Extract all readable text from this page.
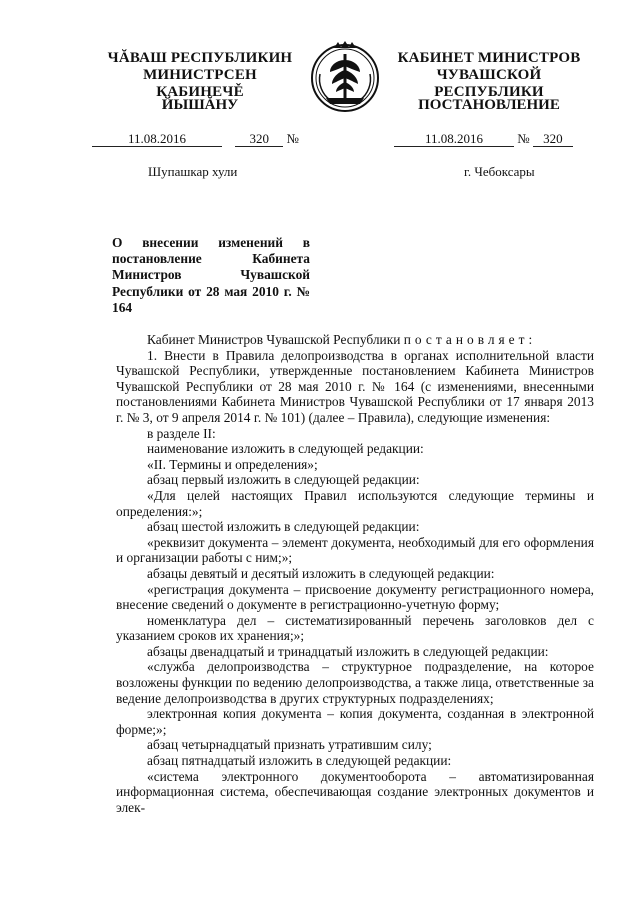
ЧĂВАШ РЕСПУБЛИКИН
МИНИСТРСЕН КАБИНЕЧĚ
ЙЫШĂНУ
КАБИНЕТ МИНИСТРОВ
ЧУВАШСКОЙ РЕСПУБЛИКИ
ПОСТАНОВЛЕНИЕ
11.08.2016	320 №	11.08.2016	№ 320
Шупашкар хули	г. Чебоксары
О внесении изменений в постановление Кабинета Министров Чувашской Республики от 28 мая 2010 г. № 164

Кабинет Министров Чувашской Республики постановляет:

1. Внести в Правила делопроизводства в органах исполнительной власти Чувашской Республики, утвержденные постановлением Кабинета Министров Чувашской Республики от 28 мая 2010 г. № 164 (с изменениями, внесенными постановлениями Кабинета Министров Чувашской Республики от 17 января 2013 г. № 3, от 9 апреля 2014 г. № 101) (далее – Правила), следующие изменения:

в разделе II:

наименование изложить в следующей редакции:

«II. Термины и определения»;

абзац первый изложить в следующей редакции:

«Для целей настоящих Правил используются следующие термины и определения:»;

абзац шестой изложить в следующей редакции:

«реквизит документа – элемент документа, необходимый для его оформления и организации работы с ним;»;

абзацы девятый и десятый изложить в следующей редакции:

«регистрация документа – присвоение документу регистрационного номера, внесение сведений о документе в регистрационно-учетную форму;

номенклатура дел – систематизированный перечень заголовков дел с указанием сроков их хранения;»;

абзацы двенадцатый и тринадцатый изложить в следующей редакции:

«служба делопроизводства – структурное подразделение, на которое возложены функции по ведению делопроизводства, а также лица, ответственные за ведение делопроизводства в других структурных подразделениях;

электронная копия документа – копия документа, созданная в электронной форме;»;

абзац четырнадцатый признать утратившим силу;

абзац пятнадцатый изложить в следующей редакции:

«система электронного документооборота – автоматизированная информационная система, обеспечивающая создание электронных документов и элек-
